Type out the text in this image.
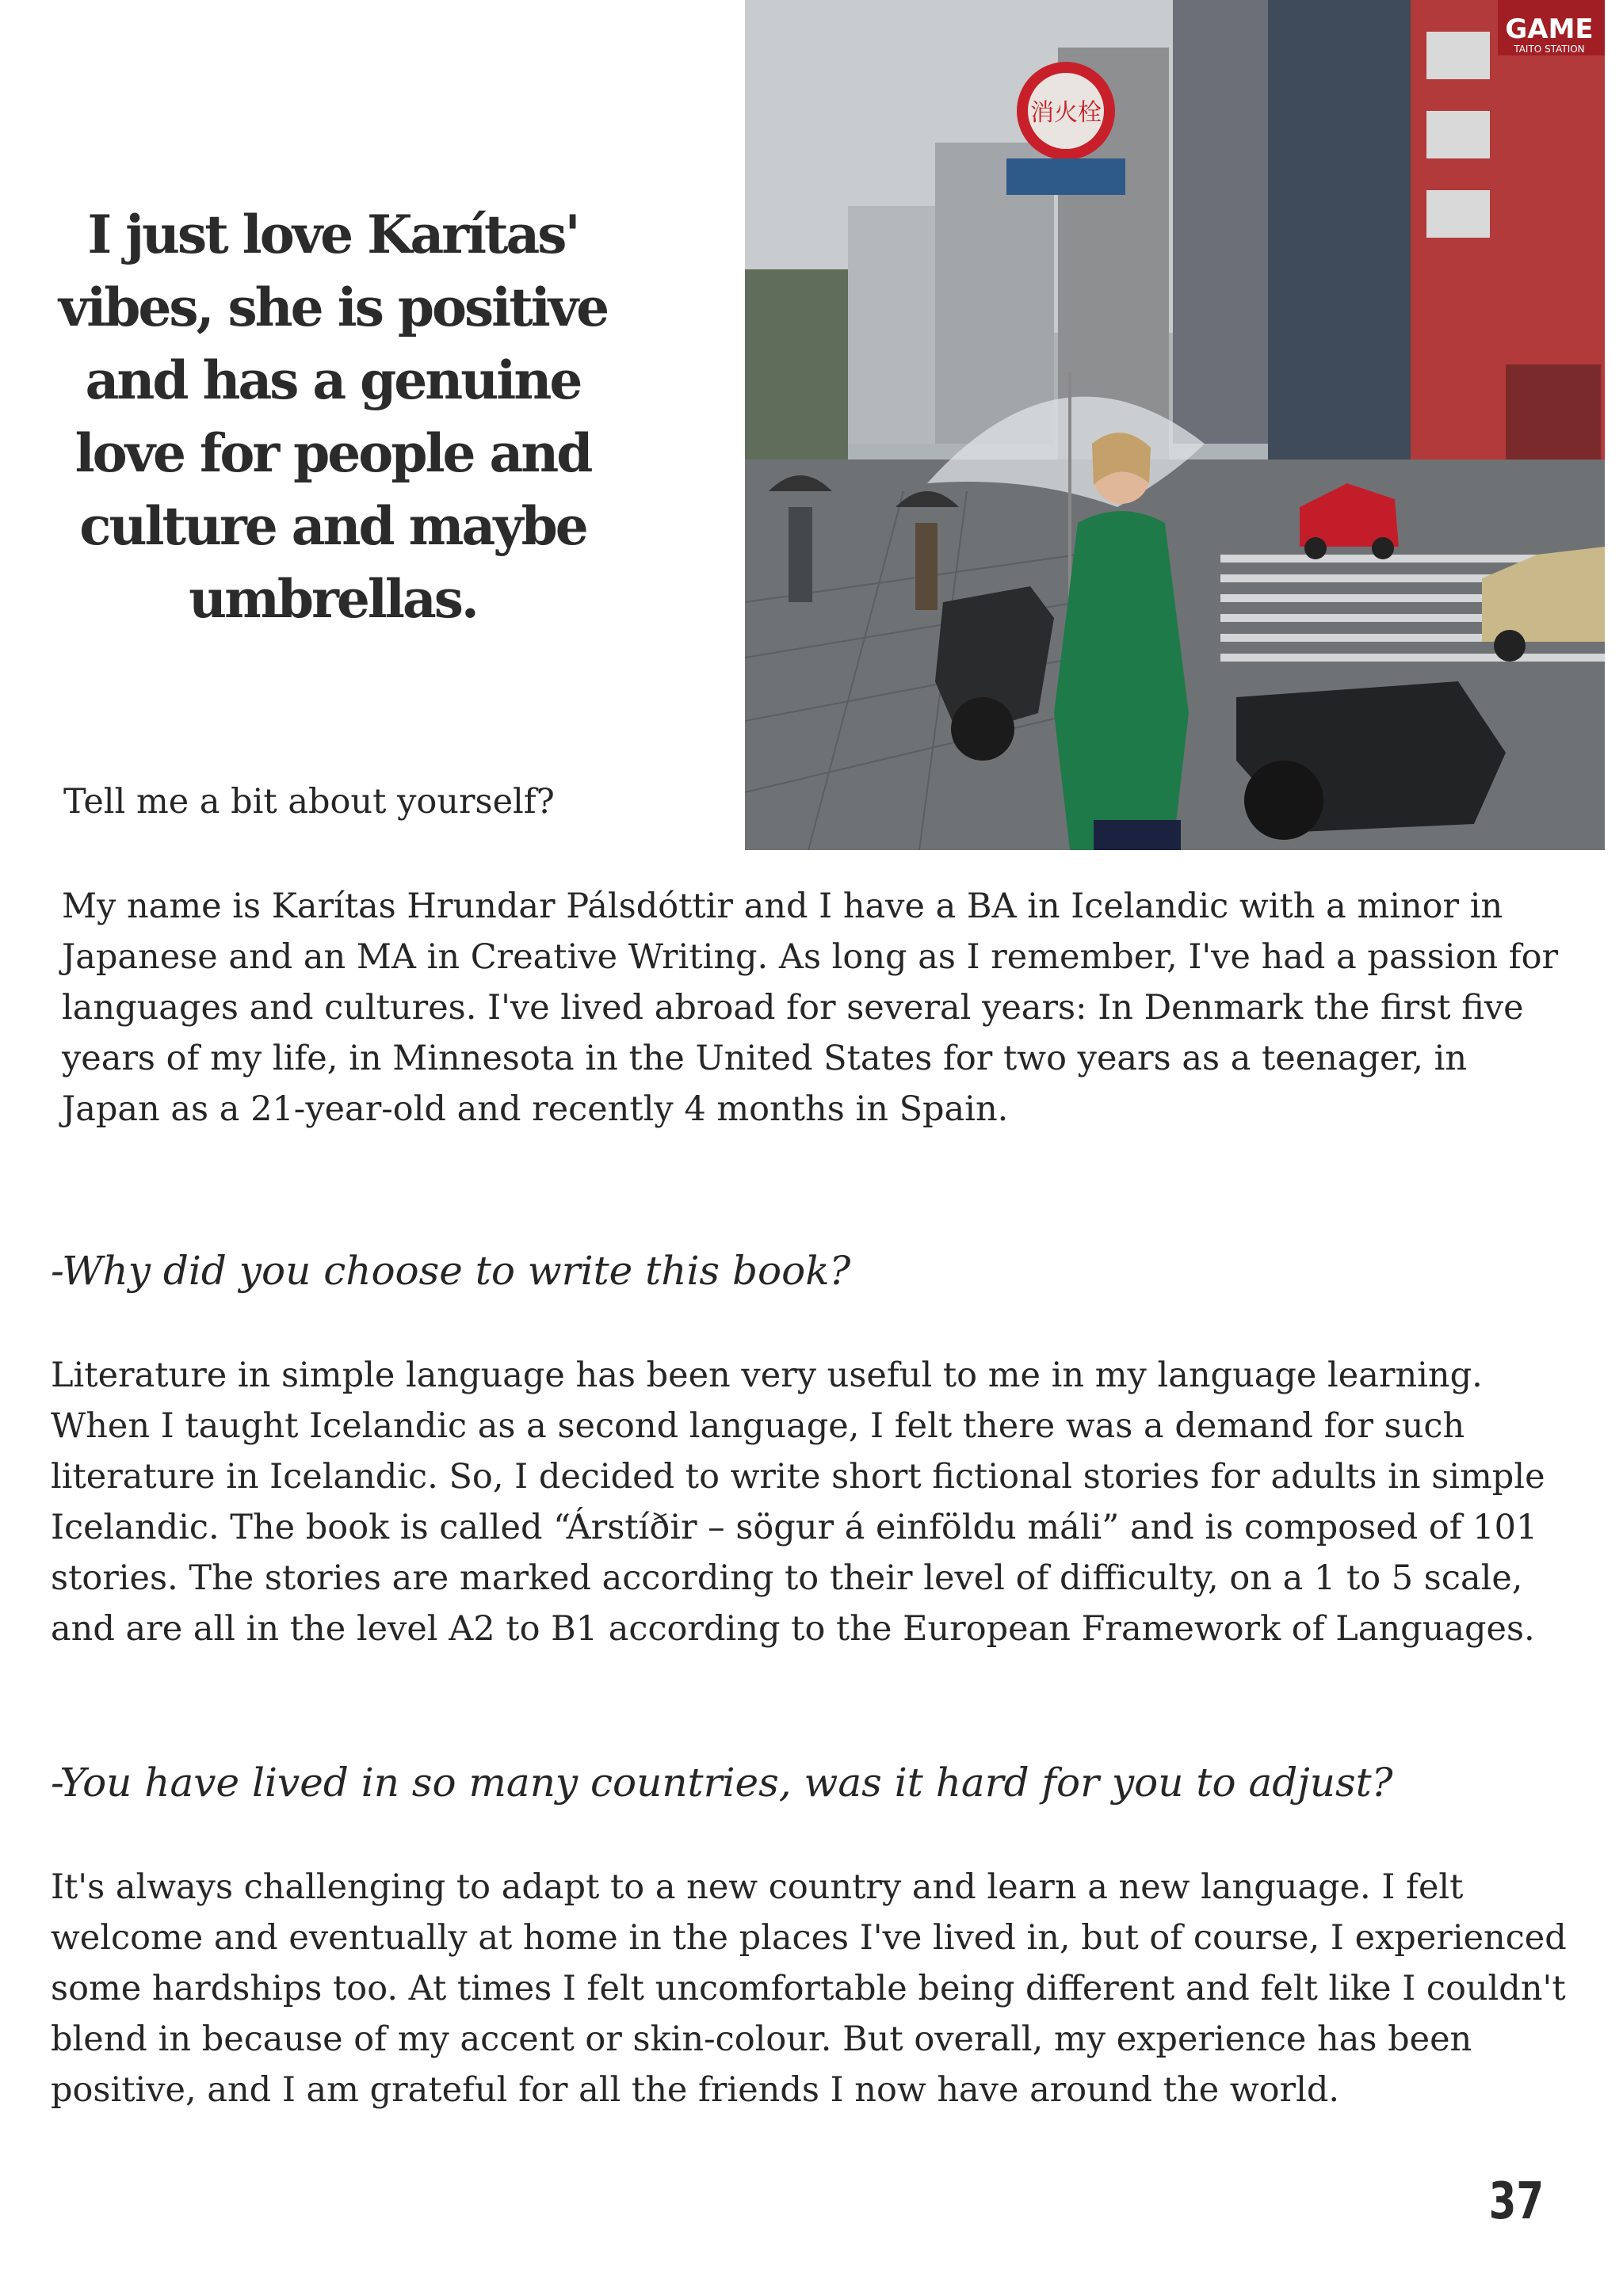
I just love Karítas' vibes, she is positive and has a genuine love for people and culture and maybe umbrellas.
消火栓
GAME
TAITO STATION

Tell me a bit about yourself?

My name is Karítas Hrundar Pálsdóttir and I have a BA in Icelandic with a minor in Japanese and an MA in Creative Writing. As long as I remember, I've had a passion for languages and cultures. I've lived abroad for several years: In Denmark the first five years of my life, in Minnesota in the United States for two years as a teenager, in Japan as a 21-year-old and recently 4 months in Spain.

-Why did you choose to write this book?

Literature in simple language has been very useful to me in my language learning. When I taught Icelandic as a second language, I felt there was a demand for such literature in Icelandic. So, I decided to write short fictional stories for adults in simple Icelandic. The book is called “Árstíðir – sögur á einföldu máli” and is composed of 101 stories. The stories are marked according to their level of difficulty, on a 1 to 5 scale, and are all in the level A2 to B1 according to the European Framework of Languages.

-You have lived in so many countries, was it hard for you to adjust?

It's always challenging to adapt to a new country and learn a new language. I felt welcome and eventually at home in the places I've lived in, but of course, I experienced some hardships too. At times I felt uncomfortable being different and felt like I couldn't blend in because of my accent or skin-colour. But overall, my experience has been positive, and I am grateful for all the friends I now have around the world.

37
